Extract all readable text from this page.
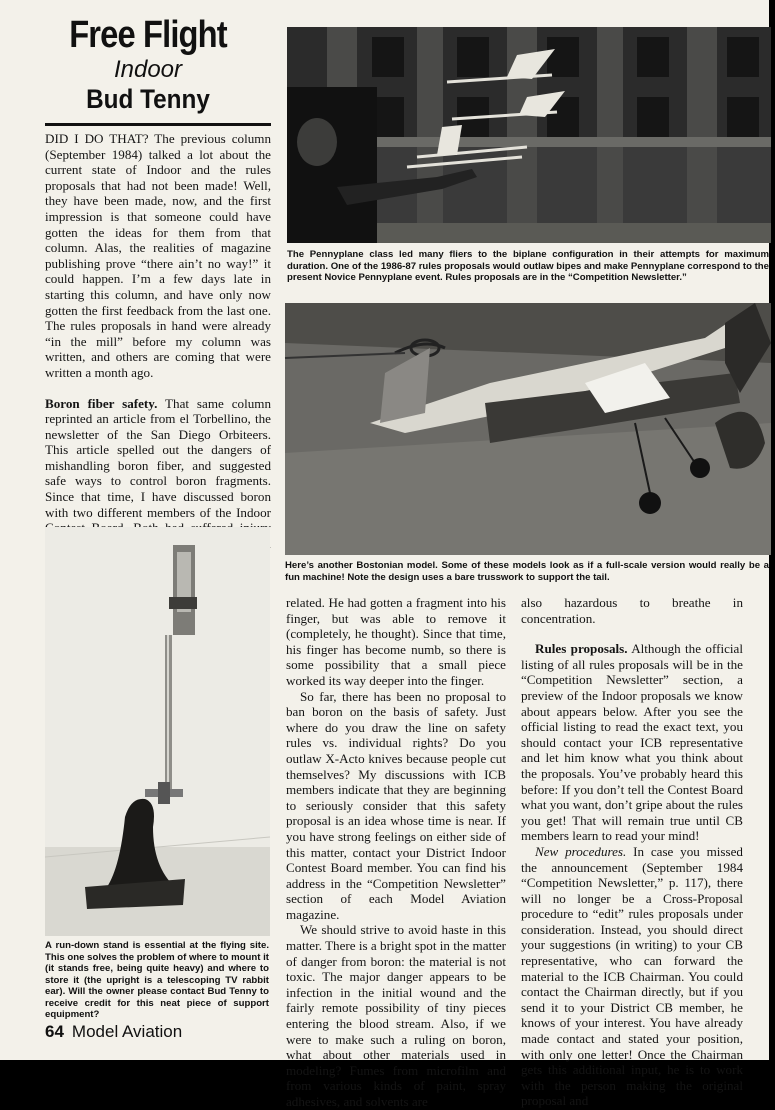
Free Flight
Indoor
Bud Tenny

DID I DO THAT? The previous column (September 1984) talked a lot about the current state of Indoor and the rules proposals that had not been made! Well, they have been made, now, and the first impression is that someone could have gotten the ideas for them from that column. Alas, the realities of magazine publishing prove “there ain’t no way!” it could happen. I’m a few days late in starting this column, and have only now gotten the first feedback from the last one. The rules proposals in hand were already “in the mill” before my column was written, and others are coming that were written a month ago.

Boron fiber safety. That same column reprinted an article from el Torbellino, the newsletter of the San Diego Orbiteers. This article spelled out the dangers of mishandling boron fiber, and suggested safe ways to control boron fragments. Since that time, I have discussed boron with two different members of the Indoor

The Pennyplane class led many fliers to the biplane configuration in their attempts for maximum duration. One of the 1986-87 rules proposals would outlaw bipes and make Pennyplane correspond to the present Novice Pennyplane event. Rules proposals are in the “Competition Newsletter.”
Here’s another Bostonian model. Some of these models look as if a full-scale version would really be a fun machine! Note the design uses a bare trusswork to support the tail.
A run-down stand is essential at the flying site. This one solves the problem of where to mount it (it stands free, being quite heavy) and where to store it (the upright is a telescoping TV rabbit ear). Will the owner please contact Bud Tenny to receive credit for this neat piece of support equipment?

related. He had gotten a fragment into his finger, but was able to remove it (completely, he thought). Since that time, his finger has become numb, so there is some possibility that a small piece worked its way deeper into the finger.

So far, there has been no proposal to ban boron on the basis of safety. Just where do you draw the line on safety rules vs. individual rights? Do you outlaw X-Acto knives because people cut themselves? My discussions with ICB members indicate that they are beginning to seriously consider that this safety proposal is an idea whose time is near. If you have strong feelings on either side of this matter, contact your District Indoor Contest Board member. You can find his address in the “Competition Newsletter” section of each Model Aviation magazine.

We should strive to avoid haste in this matter. There is a bright spot in the matter of danger from boron: the material is not toxic. The major danger appears to be infection in the initial wound and the fairly remote possibility of tiny pieces entering the blood stream. Also, if we were to make such a ruling on boron, what about other materials used in modeling? Fumes from microfilm and from various kinds of paint, spray adhesives, and solvents are

also hazardous to breathe in concentration.

Rules proposals. Although the official listing of all rules proposals will be in the “Competition Newsletter” section, a preview of the Indoor proposals we know about appears below. After you see the official listing to read the exact text, you should contact your ICB representative and let him know what you think about the proposals. You’ve probably heard this before: If you don’t tell the Contest Board what you want, don’t gripe about the rules you get! That will remain true until CB members learn to read your mind!

New procedures. In case you missed the announcement (September 1984 “Competition Newsletter,” p. 117), there will no longer be a Cross-Proposal procedure to “edit” rules proposals under consideration. Instead, you should direct your suggestions (in writing) to your CB representative, who can forward the material to the ICB Chairman. You could contact the Chairman directly, but if you send it to your District CB member, he knows of your interest. You have already made contact and stated your position, with only one letter! Once the Chairman gets this additional input, he is to work with the person making the original proposal and

64 Model Aviation
